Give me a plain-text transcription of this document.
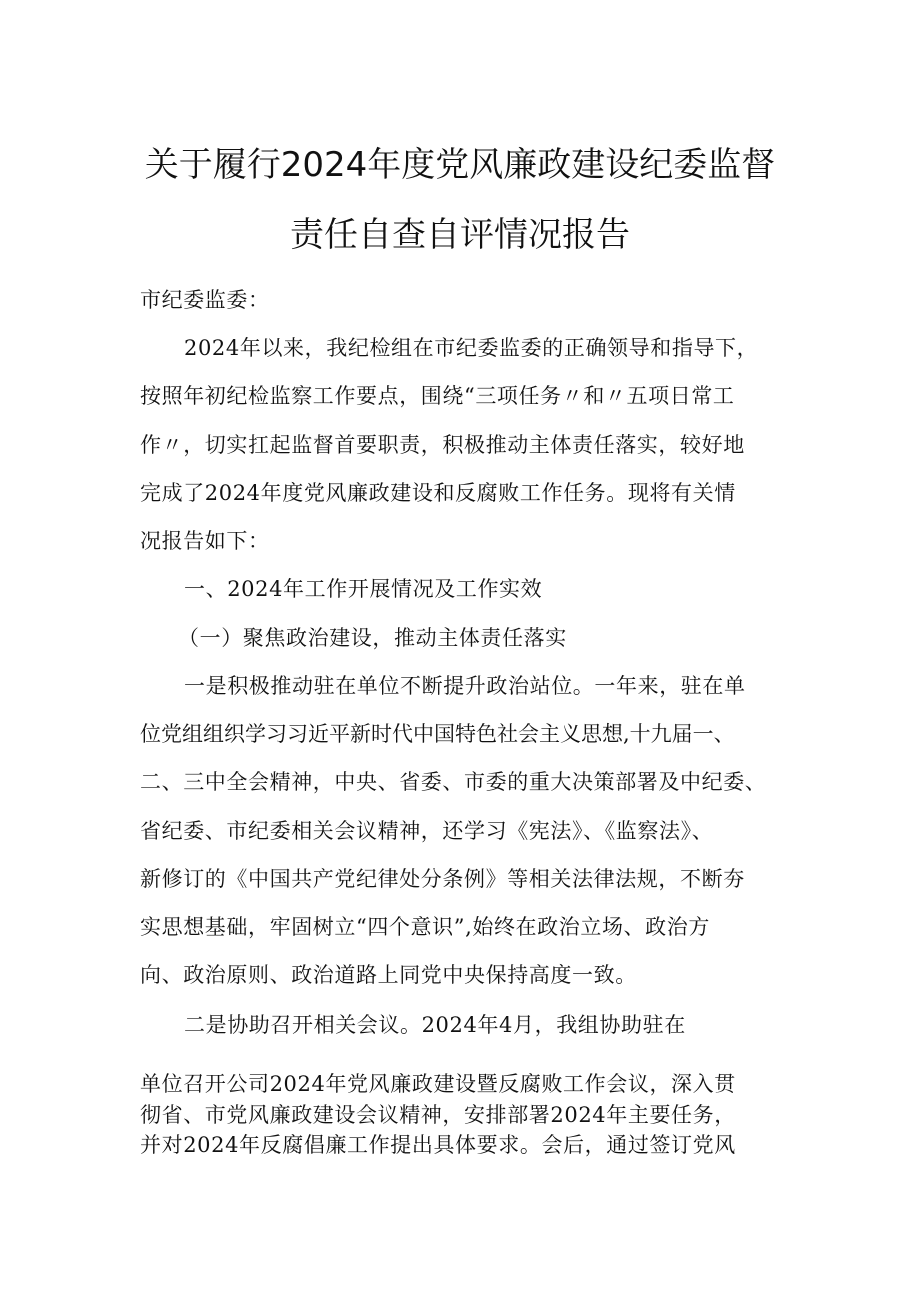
关于履行2024年度党风廉政建设纪委监督
责任自查自评情况报告
市纪委监委：
2024年以来，我纪检组在市纪委监委的正确领导和指导下，
按照年初纪检监察工作要点，围绕“三项任务〃和〃五项日常工
作〃，切实扛起监督首要职责，积极推动主体责任落实，较好地
完成了2024年度党风廉政建设和反腐败工作任务。现将有关情
况报告如下：
一、2024年工作开展情况及工作实效
（一）聚焦政治建设，推动主体责任落实
一是积极推动驻在单位不断提升政治站位。一年来，驻在单
位党组组织学习习近平新时代中国特色社会主义思想,十九届一、
二、三中全会精神，中央、省委、市委的重大决策部署及中纪委、
省纪委、市纪委相关会议精神，还学习《宪法》、《监察法》、
新修订的《中国共产党纪律处分条例》等相关法律法规，不断夯
实思想基础，牢固树立“四个意识”,始终在政治立场、政治方
向、政治原则、政治道路上同党中央保持高度一致。
二是协助召开相关会议。2024年4月，我组协助驻在
单位召开公司2024年党风廉政建设暨反腐败工作会议，深入贯
彻省、市党风廉政建设会议精神，安排部署2024年主要任务，
并对2024年反腐倡廉工作提出具体要求。会后，通过签订党风
